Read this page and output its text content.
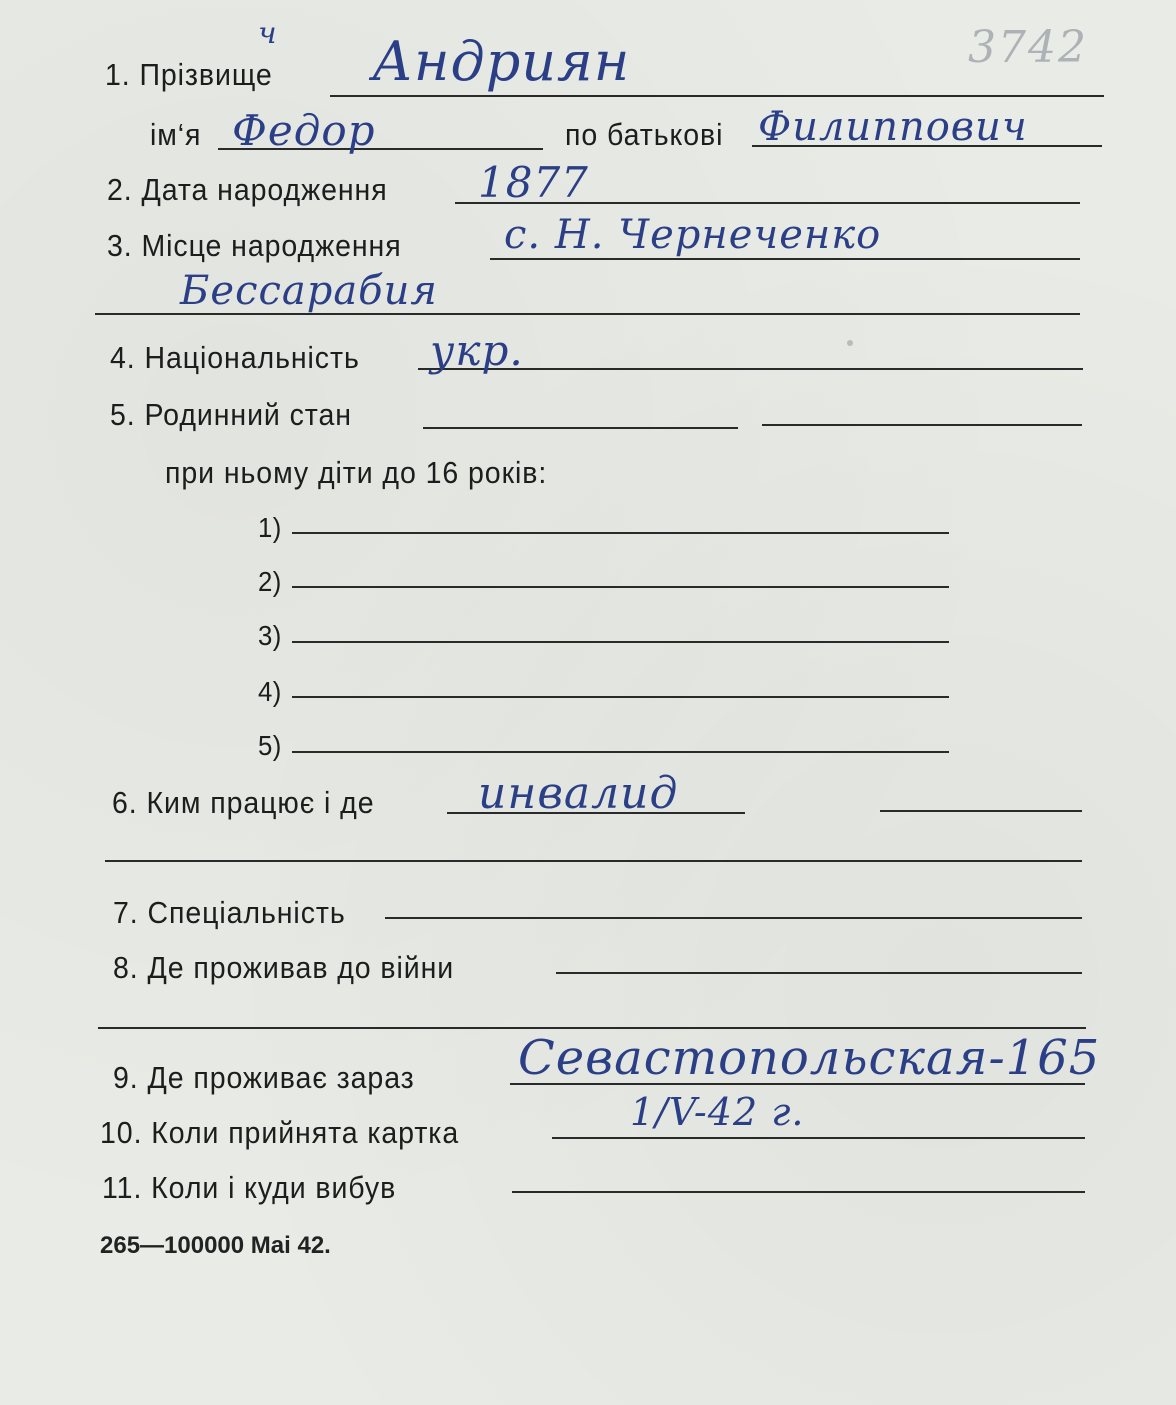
3742
1. Прізвище
ч Андриян
ім‘я Федор	по батькові Филиппович
2. Дата народження 1877
3. Місце народження	с. Н. Чернеченко
Бессарабия
4. Національність укр.
5. Родинний стан
при ньому діти до 16 років:
1)
2)
3)
4)
5)
6. Ким працює і де инвалид
7. Спеціальність
8. Де проживав до війни
9. Де проживає зараз Севастопольская-165
10. Коли прийнята картка	1/V-42 г.
11. Коли і куди вибув
265—100000 Mai 42.
